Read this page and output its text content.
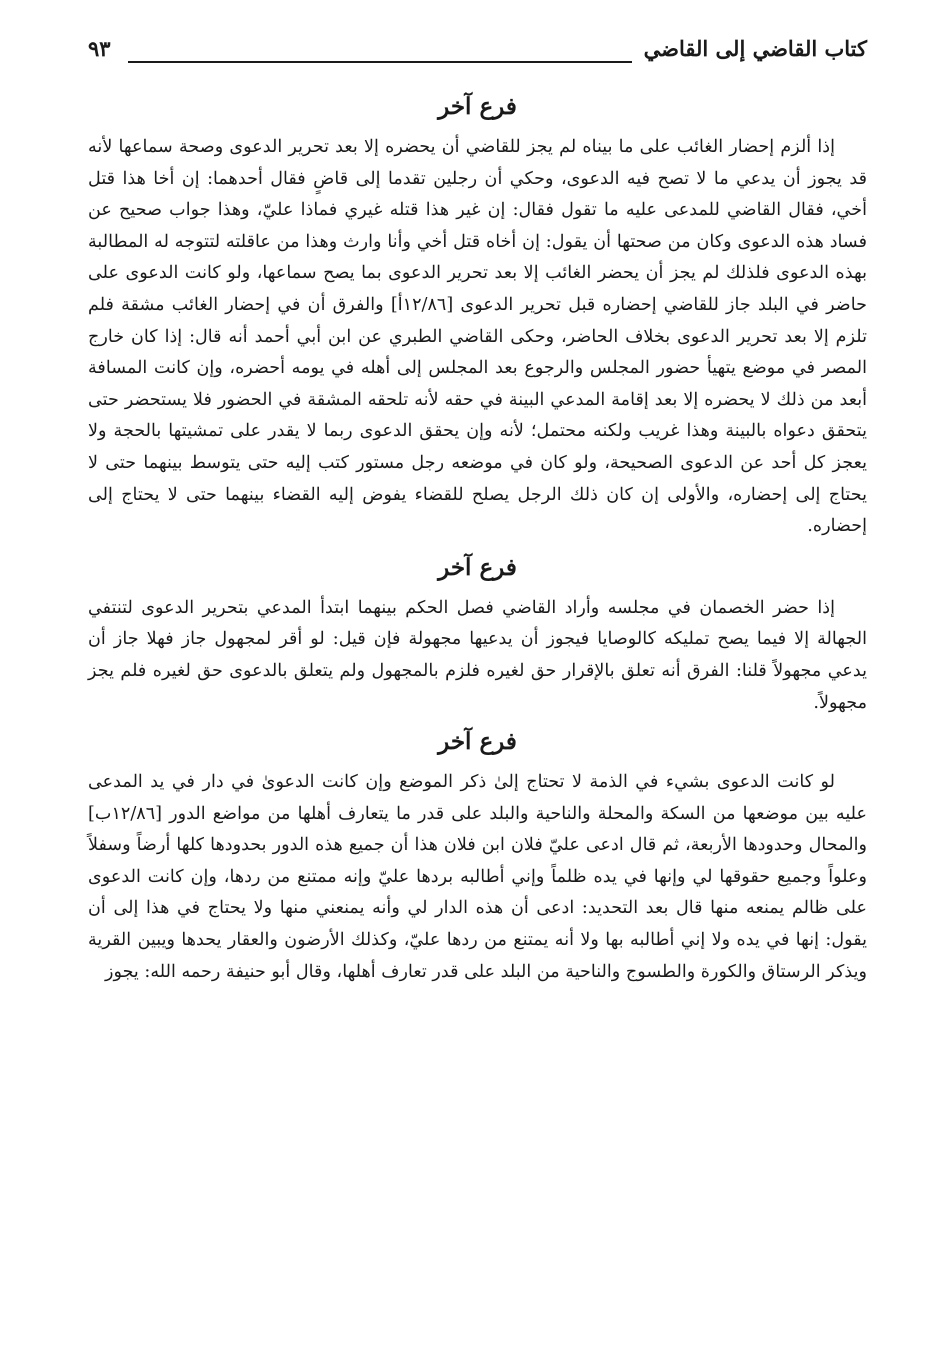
كتاب القاضي إلى القاضي
٩٣
فرع آخر

إذا ألزم إحضار الغائب على ما بيناه لم يجز للقاضي أن يحضره إلا بعد تحرير الدعوى وصحة سماعها لأنه قد يجوز أن يدعي ما لا تصح فيه الدعوى، وحكي أن رجلين تقدما إلى قاضٍ فقال أحدهما: إن أخا هذا قتل أخي، فقال القاضي للمدعى عليه ما تقول فقال: إن غير هذا قتله غيري فماذا عليّ، وهذا جواب صحيح عن فساد هذه الدعوى وكان من صحتها أن يقول: إن أخاه قتل أخي وأنا وارث وهذا من عاقلته لتتوجه له المطالبة بهذه الدعوى فلذلك لم يجز أن يحضر الغائب إلا بعد تحرير الدعوى بما يصح سماعها، ولو كانت الدعوى على حاضر في البلد جاز للقاضي إحضاره قبل تحرير الدعوى [١٢/٨٦أ] والفرق أن في إحضار الغائب مشقة فلم تلزم إلا بعد تحرير الدعوى بخلاف الحاضر، وحكى القاضي الطبري عن ابن أبي أحمد أنه قال: إذا كان خارج المصر في موضع يتهيأ حضور المجلس والرجوع بعد المجلس إلى أهله في يومه أحضره، وإن كانت المسافة أبعد من ذلك لا يحضره إلا بعد إقامة المدعي البينة في حقه لأنه تلحقه المشقة في الحضور فلا يستحضر حتى يتحقق دعواه بالبينة وهذا غريب ولكنه محتمل؛ لأنه وإن يحقق الدعوى ربما لا يقدر على تمشيتها بالحجة ولا يعجز كل أحد عن الدعوى الصحيحة، ولو كان في موضعه رجل مستور كتب إليه حتى يتوسط بينهما حتى لا يحتاج إلى إحضاره، والأولى إن كان ذلك الرجل يصلح للقضاء يفوض إليه القضاء بينهما حتى لا يحتاج إلى إحضاره.

فرع آخر

إذا حضر الخصمان في مجلسه وأراد القاضي فصل الحكم بينهما ابتدأ المدعي بتحرير الدعوى لتنتفي الجهالة إلا فيما يصح تمليكه كالوصايا فيجوز أن يدعيها مجهولة فإن قيل: لو أقر لمجهول جاز فهلا جاز أن يدعي مجهولاً قلنا: الفرق أنه تعلق بالإقرار حق لغيره فلزم بالمجهول ولم يتعلق بالدعوى حق لغيره فلم يجز مجهولاً.

فرع آخر

لو كانت الدعوى بشيء في الذمة لا تحتاج إلىٰ ذكر الموضع وإن كانت الدعوىٰ في دار في يد المدعى عليه بين موضعها من السكة والمحلة والناحية والبلد على قدر ما يتعارف أهلها من مواضع الدور [١٢/٨٦ب] والمحال وحدودها الأربعة، ثم قال ادعى عليّ فلان ابن فلان هذا أن جميع هذه الدور بحدودها كلها أرضاً وسفلاً وعلواً وجميع حقوقها لي وإنها في يده ظلماً وإني أطالبه بردها عليّ وإنه ممتنع من ردها، وإن كانت الدعوى على ظالم يمنعه منها قال بعد التحديد: ادعى أن هذه الدار لي وأنه يمنعني منها ولا يحتاج في هذا إلى أن يقول: إنها في يده ولا إني أطالبه بها ولا أنه يمتنع من ردها عليّ، وكذلك الأرضون والعقار يحدها ويبين القرية ويذكر الرستاق والكورة والطسوج والناحية من البلد على قدر تعارف أهلها، وقال أبو حنيفة رحمه الله: يجوز
